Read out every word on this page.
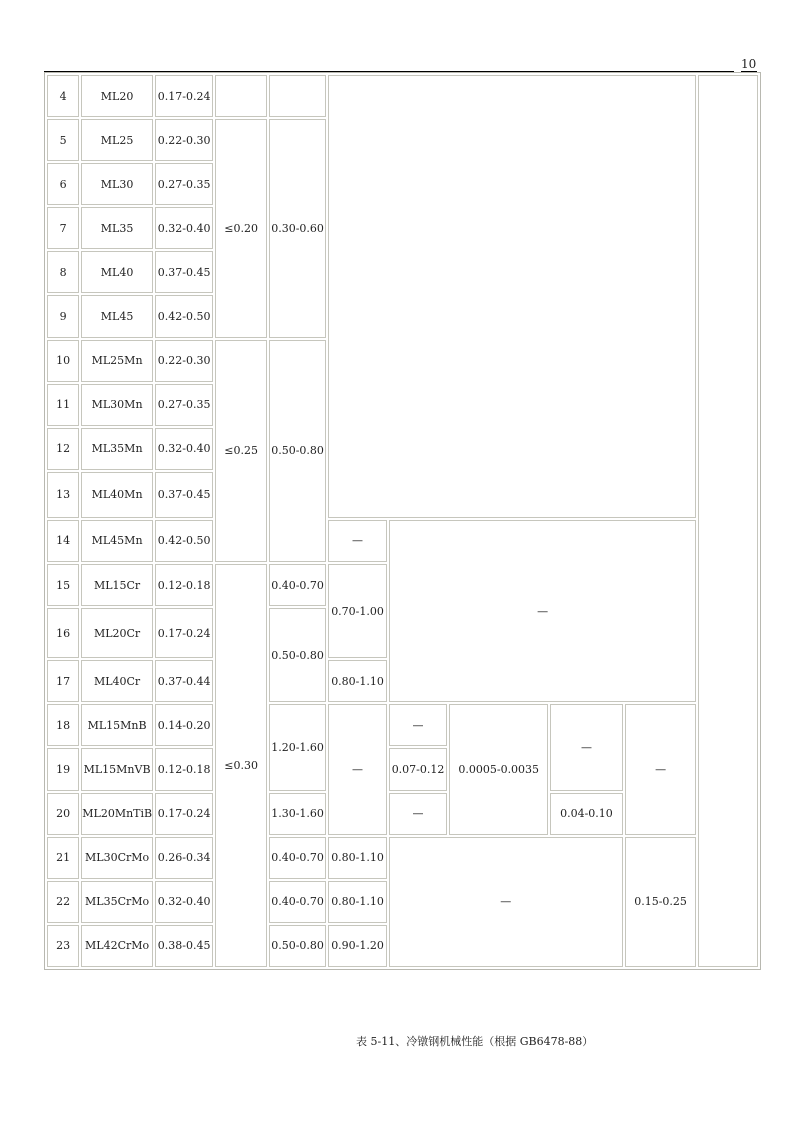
10
4	ML20	0.17-0.24								
5	ML25	0.22-0.30	≤0.20	0.30-0.60						
6	ML30	0.27-0.35								
7	ML35	0.32-0.40								
8	ML40	0.37-0.45								
9	ML45	0.42-0.50								
10	ML25Mn	0.22-0.30	≤0.25	0.50-0.80						
11	ML30Mn	0.27-0.35								
12	ML35Mn	0.32-0.40								
13	ML40Mn	0.37-0.45								
14	ML45Mn	0.42-0.50			—	—				
15	ML15Cr	0.12-0.18	≤0.30	0.40-0.70	0.70-1.00					
16	ML20Cr	0.17-0.24		0.50-0.80						
17	ML40Cr	0.37-0.44			0.80-1.10					
18	ML15MnB	0.14-0.20		1.20-1.60	—	—	0.0005-0.0035	—	—	
19	ML15MnVB	0.12-0.18				0.07-0.12				
20	ML20MnTiB	0.17-0.24		1.30-1.60		—		0.04-0.10		
21	ML30CrMo	0.26-0.34		0.40-0.70	0.80-1.10	—			0.15-0.25	
22	ML35CrMo	0.32-0.40		0.40-0.70	0.80-1.10					
23	ML42CrMo	0.38-0.45		0.50-0.80	0.90-1.20					
表 5-11、冷镦钢机械性能（根据 GB6478-88）
